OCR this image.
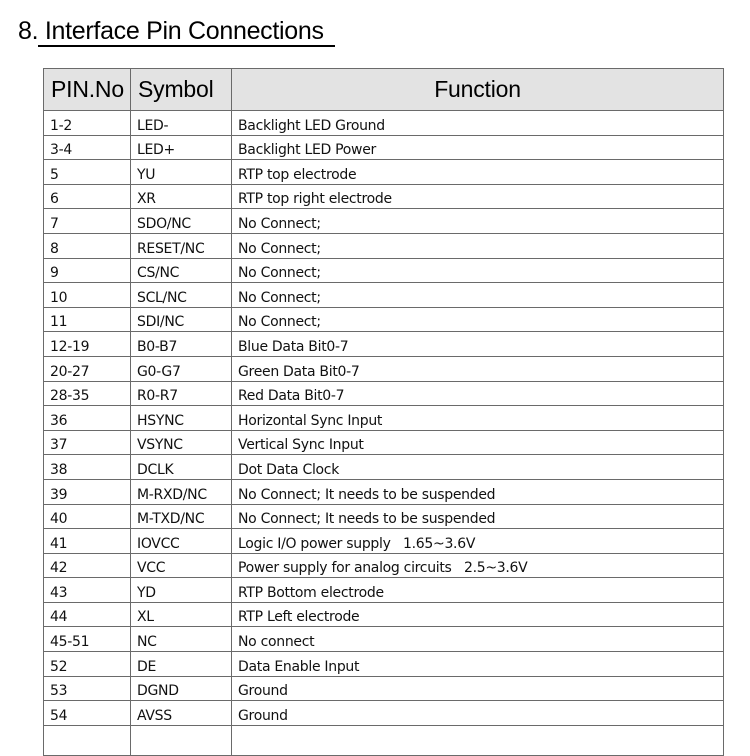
8. Interface Pin Connections
PIN.No	Symbol	Function
1-2	LED-	Backlight LED Ground
3-4	LED+	Backlight LED Power
5	YU	RTP top electrode
6	XR	RTP top right electrode
7	SDO/NC	No Connect;
8	RESET/NC	No Connect;
9	CS/NC	No Connect;
10	SCL/NC	No Connect;
11	SDI/NC	No Connect;
12-19	B0-B7	Blue Data Bit0-7
20-27	G0-G7	Green Data Bit0-7
28-35	R0-R7	Red Data Bit0-7
36	HSYNC	Horizontal Sync Input
37	VSYNC	Vertical Sync Input
38	DCLK	Dot Data Clock
39	M-RXD/NC	No Connect; It needs to be suspended
40	M-TXD/NC	No Connect; It needs to be suspended
41	IOVCC	Logic I/O power supply   1.65~3.6V
42	VCC	Power supply for analog circuits   2.5~3.6V
43	YD	RTP Bottom electrode
44	XL	RTP Left electrode
45-51	NC	No connect
52	DE	Data Enable Input
53	DGND	Ground
54	AVSS	Ground
